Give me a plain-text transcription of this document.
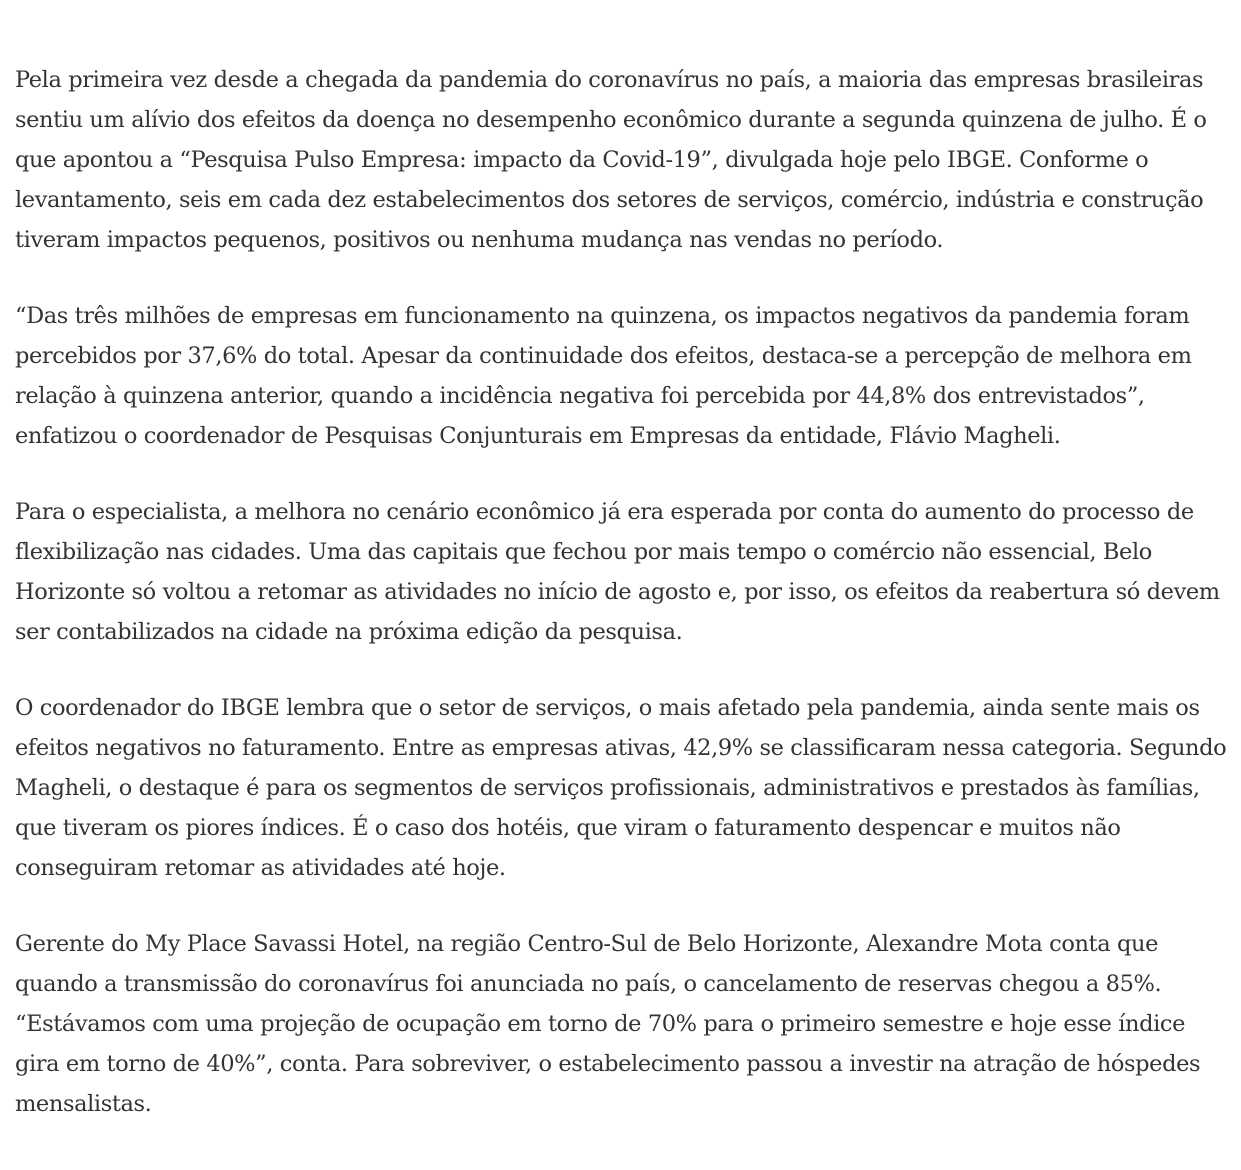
Pela primeira vez desde a chegada da pandemia do coronavírus no país, a maioria das empresas brasileiras sentiu um alívio dos efeitos da doença no desempenho econômico durante a segunda quinzena de julho. É o que apontou a “Pesquisa Pulso Empresa: impacto da Covid-19”, divulgada hoje pelo IBGE. Conforme o levantamento, seis em cada dez estabelecimentos dos setores de serviços, comércio, indústria e construção tiveram impactos pequenos, positivos ou nenhuma mudança nas vendas no período.

“Das três milhões de empresas em funcionamento na quinzena, os impactos negativos da pandemia foram percebidos por 37,6% do total. Apesar da continuidade dos efeitos, destaca-se a percepção de melhora em relação à quinzena anterior, quando a incidência negativa foi percebida por 44,8% dos entrevistados”, enfatizou o coordenador de Pesquisas Conjunturais em Empresas da entidade, Flávio Magheli.

Para o especialista, a melhora no cenário econômico já era esperada por conta do aumento do processo de flexibilização nas cidades. Uma das capitais que fechou por mais tempo o comércio não essencial, Belo Horizonte só voltou a retomar as atividades no início de agosto e, por isso, os efeitos da reabertura só devem ser contabilizados na cidade na próxima edição da pesquisa.

O coordenador do IBGE lembra que o setor de serviços, o mais afetado pela pandemia, ainda sente mais os efeitos negativos no faturamento. Entre as empresas ativas, 42,9% se classificaram nessa categoria. Segundo Magheli, o destaque é para os segmentos de serviços profissionais, administrativos e prestados às famílias, que tiveram os piores índices. É o caso dos hotéis, que viram o faturamento despencar e muitos não conseguiram retomar as atividades até hoje.

Gerente do My Place Savassi Hotel, na região Centro-Sul de Belo Horizonte, Alexandre Mota conta que quando a transmissão do coronavírus foi anunciada no país, o cancelamento de reservas chegou a 85%. “Estávamos com uma projeção de ocupação em torno de 70% para o primeiro semestre e hoje esse índice gira em torno de 40%”, conta. Para sobreviver, o estabelecimento passou a investir na atração de hóspedes mensalistas.
